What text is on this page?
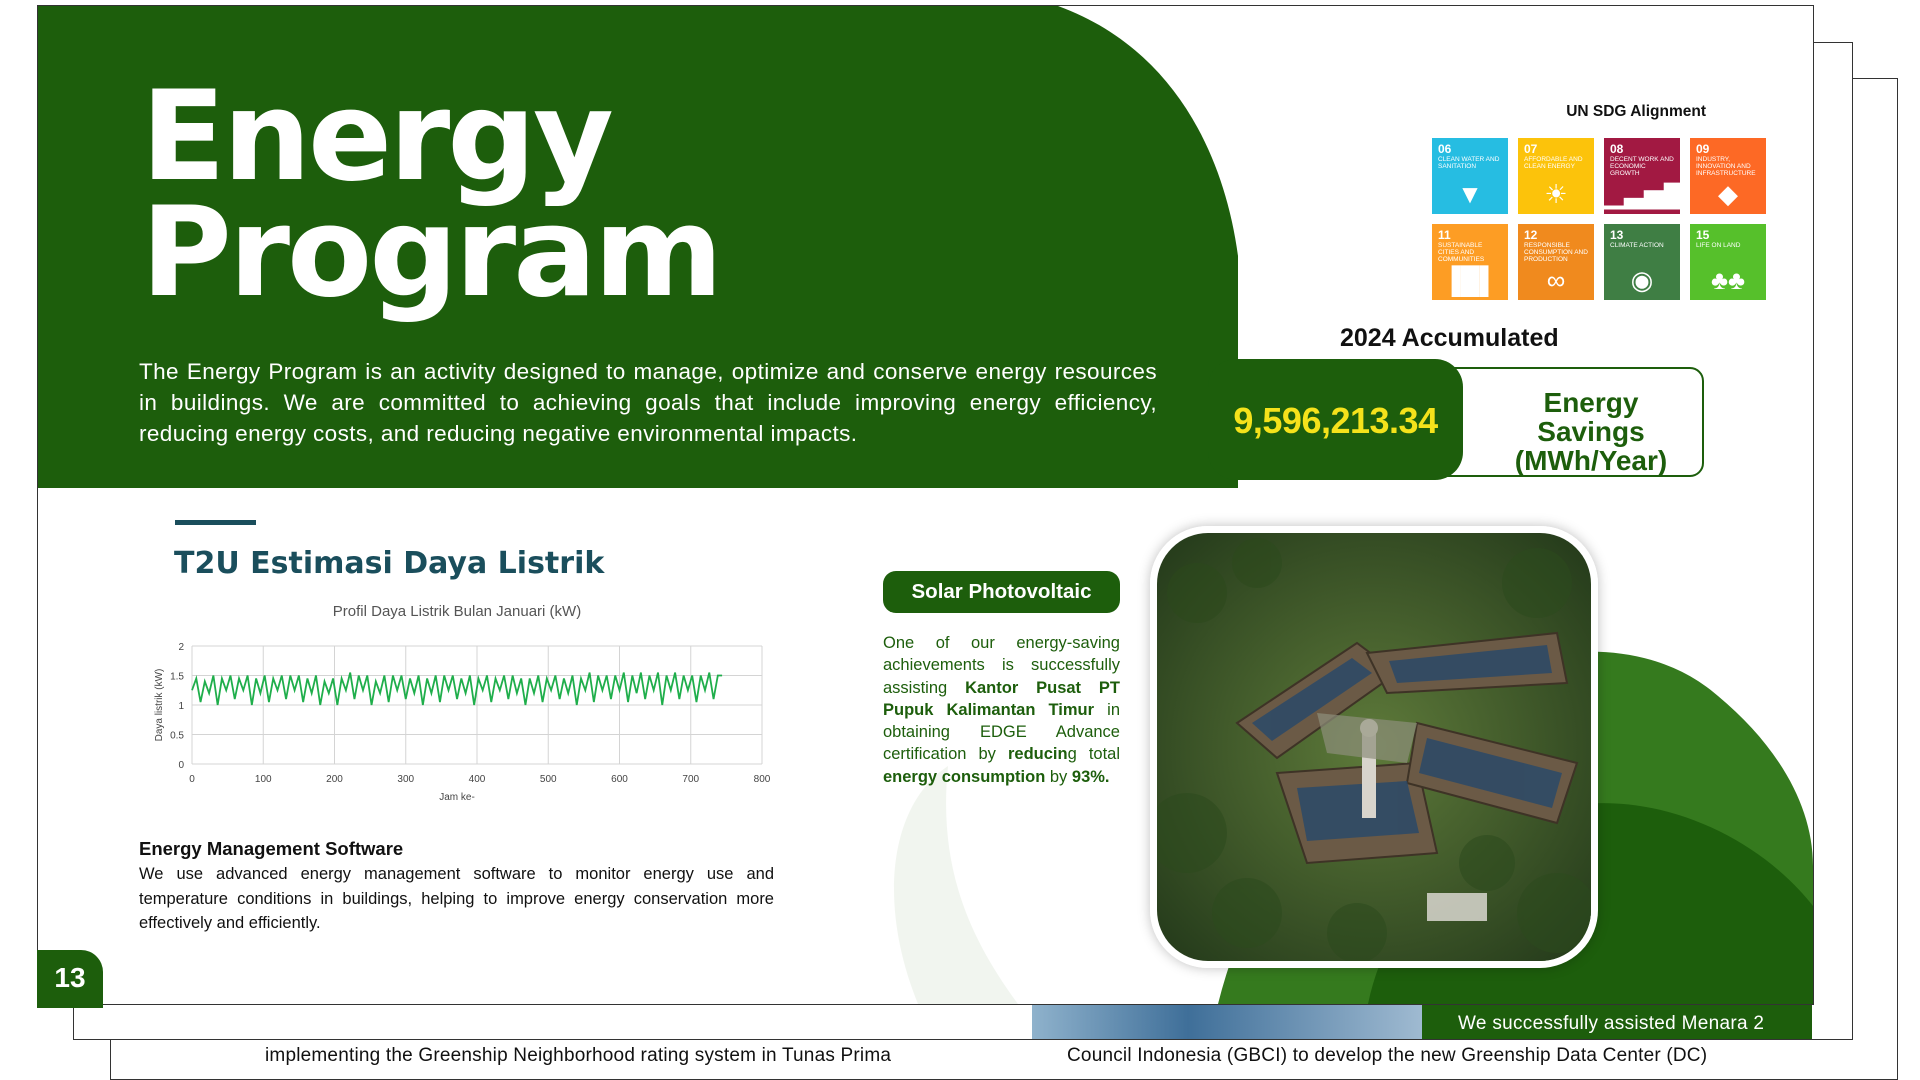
implementing the Greenship Neighborhood rating system in Tunas Prima	Council Indonesia (GBCI) to develop the new Greenship Data Center (DC)
Energy
Program
The Energy Program is an activity designed to manage, optimize and conserve energy resources in buildings. We are committed to achieving goals that include improving energy efficiency, reducing energy costs, and reducing negative environmental impacts.
UN SDG Alignment
06
CLEAN WATER AND SANITATION
▼
07
AFFORDABLE AND CLEAN ENERGY
☀
08
DECENT WORK AND ECONOMIC GROWTH
▁▃▅▇
09
INDUSTRY, INNOVATION AND INFRASTRUCTURE
◆
11
SUSTAINABLE CITIES AND COMMUNITIES
▐█▌
12
RESPONSIBLE CONSUMPTION AND PRODUCTION
∞
13
CLIMATE ACTION
◉
15
LIFE ON LAND
♣♣
2024 Accumulated
Energy Savings
(MWh/Year)
9,596,213.34
T2U Estimasi Daya Listrik
Profil Daya Listrik Bulan Januari (kW)
0
0.5
1
1.5
2
0	100	200	300	400	500	600	700	800
Jam ke-
Daya listrik (kW)
Energy Management Software
We use advanced energy management software to monitor energy use and temperature conditions in buildings, helping to improve energy conservation more effectively and efficiently.
Solar Photovoltaic
One of our energy-saving achievements is successfully assisting Kantor Pusat PT Pupuk Kalimantan Timur in obtaining EDGE Advance certification by reducing total energy consumption by 93%.
13
We successfully assisted Menara 2
